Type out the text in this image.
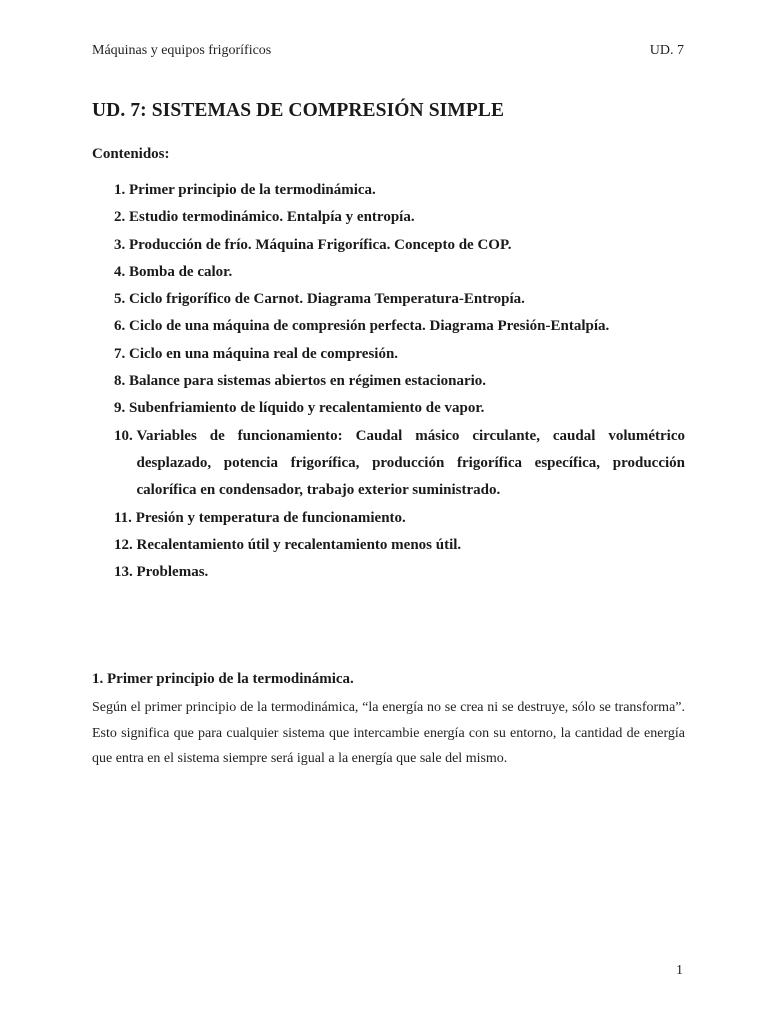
Máquinas y equipos frigoríficos	UD. 7
UD. 7: SISTEMAS DE COMPRESIÓN SIMPLE
Contenidos:
1. Primer principio de la termodinámica.
2. Estudio termodinámico. Entalpía y entropía.
3. Producción de frío. Máquina Frigorífica. Concepto de COP.
4. Bomba de calor.
5. Ciclo frigorífico de Carnot. Diagrama Temperatura-Entropía.
6. Ciclo de una máquina de compresión perfecta. Diagrama Presión-Entalpía.
7. Ciclo en una máquina real de compresión.
8. Balance para sistemas abiertos en régimen estacionario.
9. Subenfriamiento de líquido y recalentamiento de vapor.
10. Variables de funcionamiento: Caudal másico circulante, caudal volumétrico desplazado, potencia frigorífica, producción frigorífica específica, producción calorífica en condensador, trabajo exterior suministrado.
11. Presión y temperatura de funcionamiento.
12. Recalentamiento útil y recalentamiento menos útil.
13. Problemas.
1. Primer principio de la termodinámica.

Según el primer principio de la termodinámica, “la energía no se crea ni se destruye, sólo se transforma”. Esto significa que para cualquier sistema que intercambie energía con su entorno, la cantidad de energía que entra en el sistema siempre será igual a la energía que sale del mismo.

1
